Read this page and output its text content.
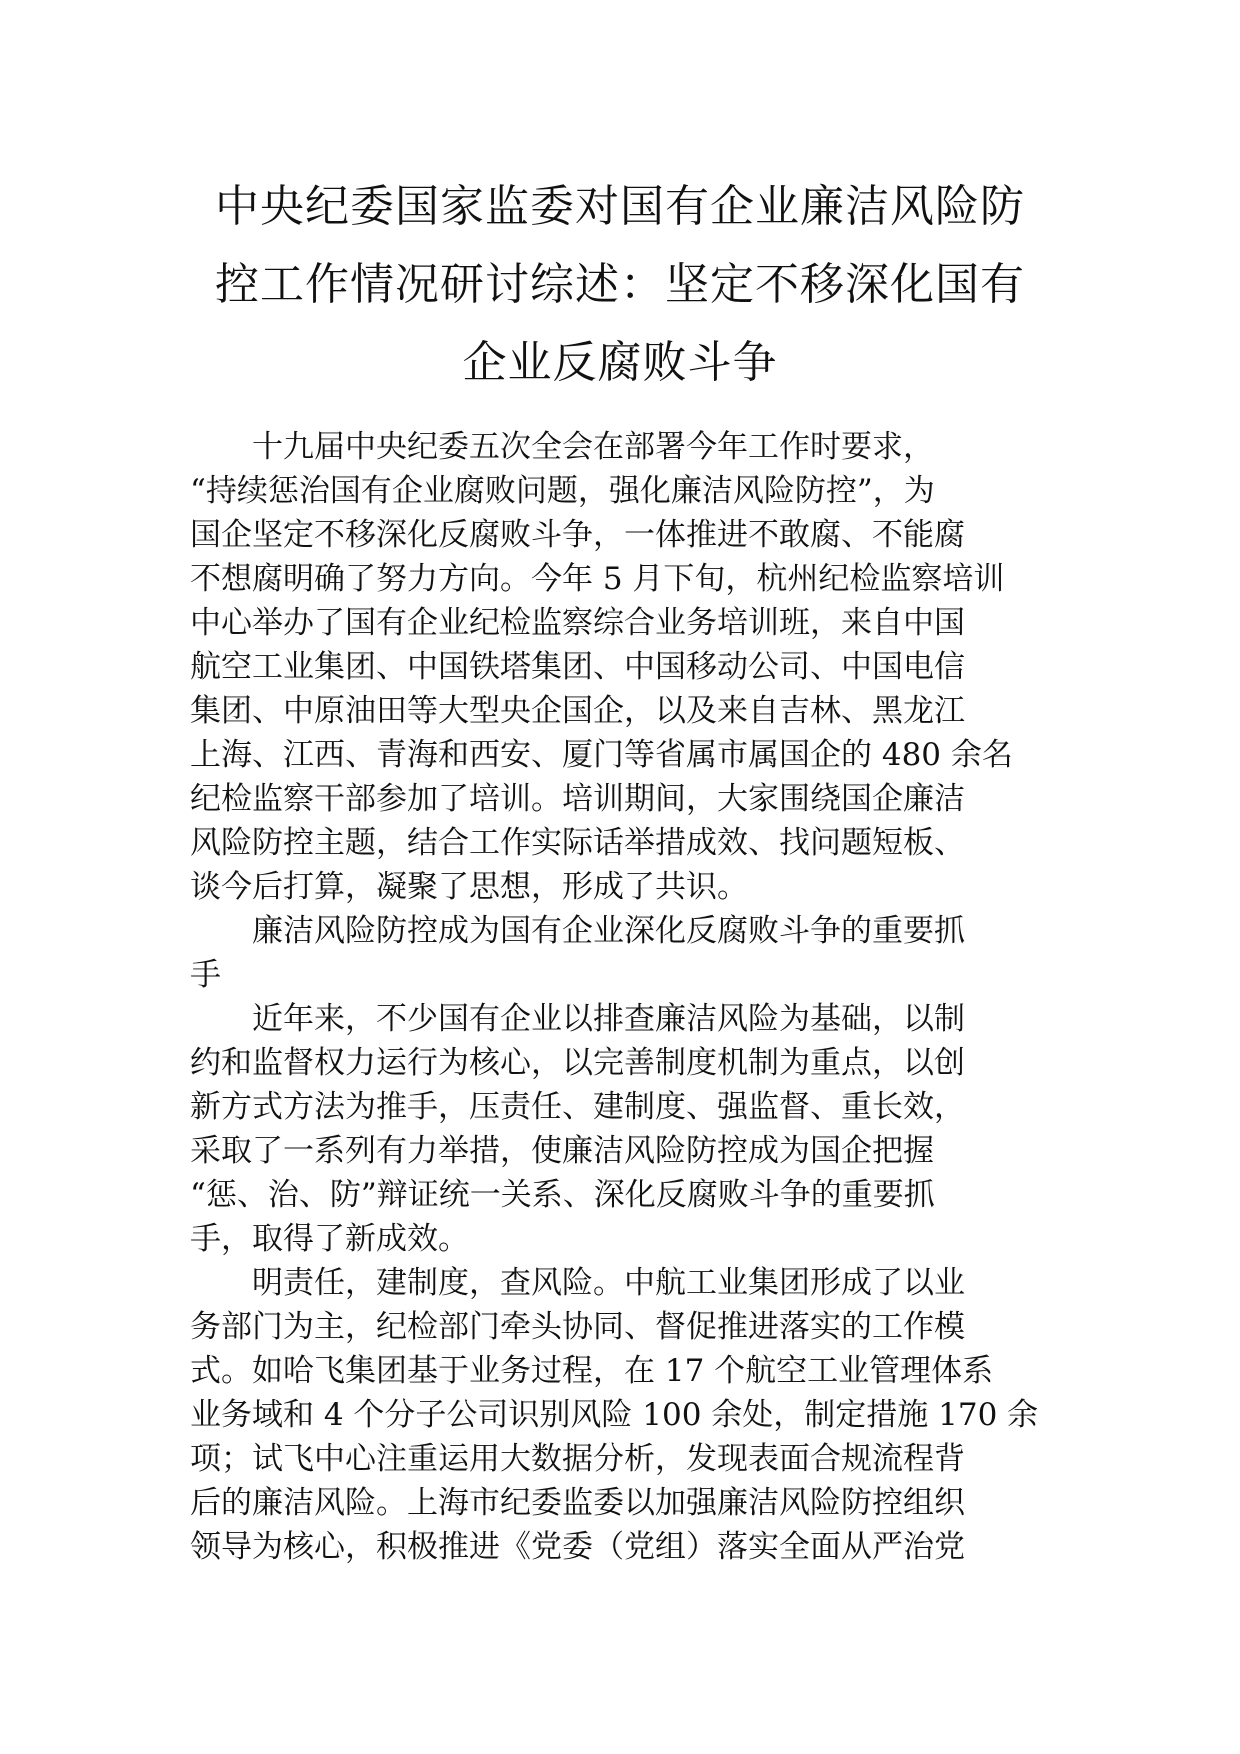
中央纪委国家监委对国有企业廉洁风险防
控工作情况研讨综述：坚定不移深化国有
企业反腐败斗争
十九届中央纪委五次全会在部署今年工作时要求，
“持续惩治国有企业腐败问题，强化廉洁风险防控”，为
国企坚定不移深化反腐败斗争，一体推进不敢腐、不能腐
不想腐明确了努力方向。今年 5 月下旬，杭州纪检监察培训
中心举办了国有企业纪检监察综合业务培训班，来自中国
航空工业集团、中国铁塔集团、中国移动公司、中国电信
集团、中原油田等大型央企国企，以及来自吉林、黑龙江
上海、江西、青海和西安、厦门等省属市属国企的 480 余名
纪检监察干部参加了培训。培训期间，大家围绕国企廉洁
风险防控主题，结合工作实际话举措成效、找问题短板、
谈今后打算，凝聚了思想，形成了共识。
廉洁风险防控成为国有企业深化反腐败斗争的重要抓
手
近年来，不少国有企业以排查廉洁风险为基础，以制
约和监督权力运行为核心，以完善制度机制为重点，以创
新方式方法为推手，压责任、建制度、强监督、重长效，
采取了一系列有力举措，使廉洁风险防控成为国企把握
“惩、治、防”辩证统一关系、深化反腐败斗争的重要抓
手，取得了新成效。
明责任，建制度，查风险。中航工业集团形成了以业
务部门为主，纪检部门牵头协同、督促推进落实的工作模
式。如哈飞集团基于业务过程，在 17 个航空工业管理体系
业务域和 4 个分子公司识别风险 100 余处，制定措施 170 余
项；试飞中心注重运用大数据分析，发现表面合规流程背
后的廉洁风险。上海市纪委监委以加强廉洁风险防控组织
领导为核心，积极推进《党委（党组）落实全面从严治党
